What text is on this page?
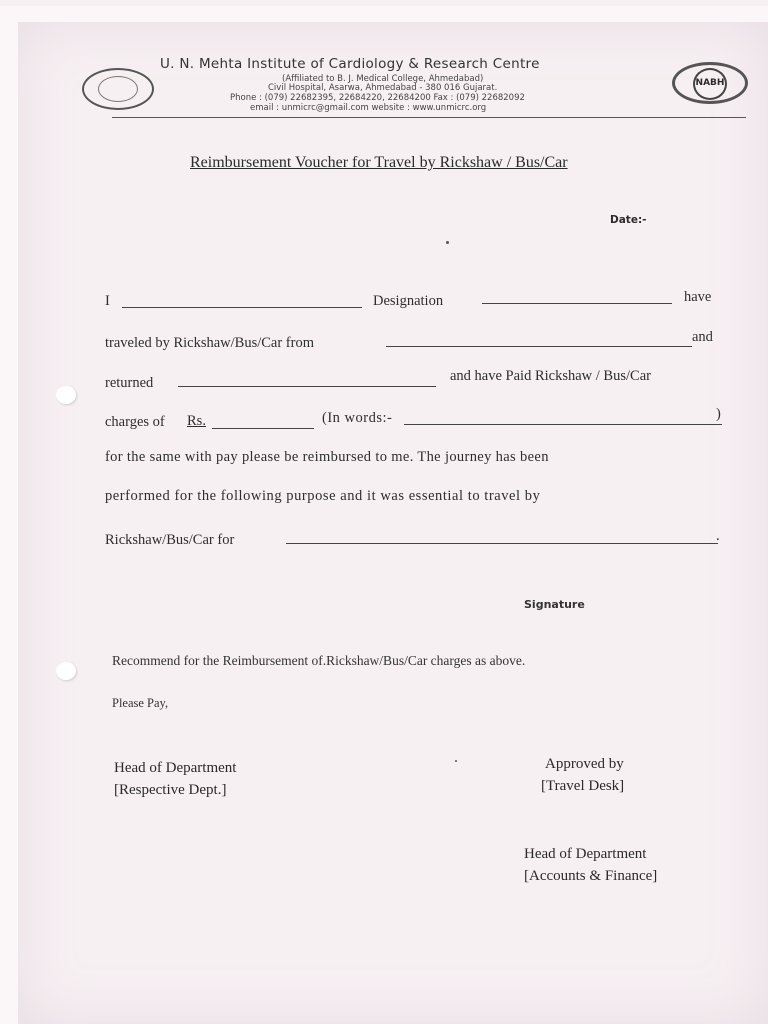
NABH
U. N. Mehta Institute of Cardiology & Research Centre
(Affiliated to B. J. Medical College, Ahmedabad)
Civil Hospital, Asarwa, Ahmedabad - 380 016 Gujarat.
Phone : (079) 22682395, 22684220, 22684200 Fax : (079) 22682092
email : unmicrc@gmail.com website : www.unmicrc.org
Reimbursement Voucher for Travel by Rickshaw / Bus/Car
Date:-
I	Designation	have
traveled by Rickshaw/Bus/Car from	and
returned	and have Paid Rickshaw / Bus/Car
charges of Rs.	(In words:-	)
for the same with pay please be reimbursed to me. The journey has been
performed for the following purpose and it was essential to travel by
Rickshaw/Bus/Car for	.
Signature
Recommend for the Reimbursement of.Rickshaw/Bus/Car charges as above.
Please Pay,
Head of Department
[Respective Dept.]
Approved by
[Travel Desk]
Head of Department
[Accounts & Finance]
